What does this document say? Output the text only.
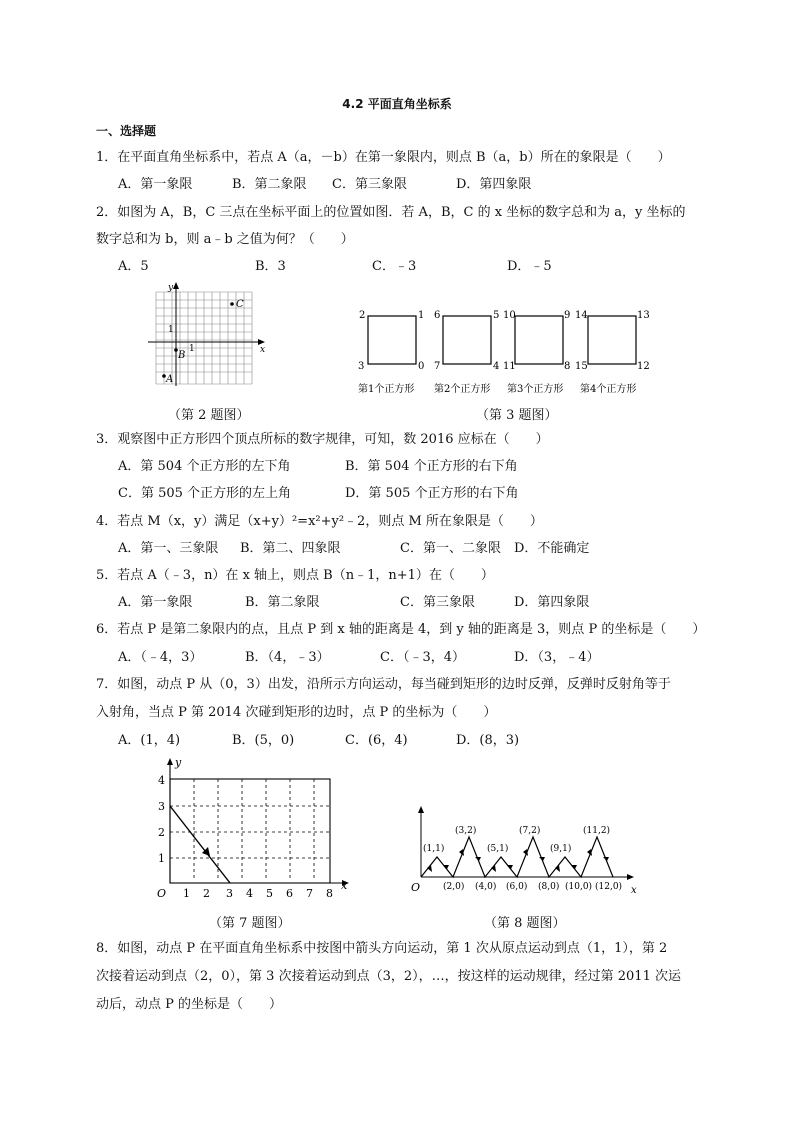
4.2 平面直角坐标系
一、选择题
1．在平面直角坐标系中，若点 A（a，－b）在第一象限内，则点 B（a，b）所在的象限是（　　）
A．第一象限	B．第二象限 C．第三象限	D．第四象限
2．如图为 A，B，C 三点在坐标平面上的位置如图．若 A，B，C 的 x 坐标的数字总和为 a，y 坐标的
数字总和为 b，则 a﹣b 之值为何？（　　）
A．5	B．3	C．﹣3	D．﹣5
y
x
1
1
C
B
A
（第 2 题图）
2	1
3	0
6	5
7	4
10	9
11	8
14	13
15	12
第1个正方形 第2个正方形 第3个正方形 第4个正方形
（第 3 题图）
3．观察图中正方形四个顶点所标的数字规律，可知，数 2016 应标在（　　）
A．第 504 个正方形的左下角	B．第 504 个正方形的右下角
C．第 505 个正方形的左上角	D．第 505 个正方形的右下角
4．若点 M（x，y）满足（x+y）²=x²+y²﹣2，则点 M 所在象限是（　　）
A．第一、三象限 B．第二、四象限	C．第一、二象限 D．不能确定
5．若点 A（﹣3，n）在 x 轴上，则点 B（n﹣1，n+1）在（　　）
A．第一象限	B．第二象限	C．第三象限	D．第四象限
6．若点 P 是第二象限内的点，且点 P 到 x 轴的距离是 4，到 y 轴的距离是 3，则点 P 的坐标是（　　）
A．（﹣4，3）	B．（4，﹣3）	C．（﹣3，4）	D．（3，﹣4）
7．如图，动点 P 从（0，3）出发，沿所示方向运动，每当碰到矩形的边时反弹，反弹时反射角等于
入射角，当点 P 第 2014 次碰到矩形的边时，点 P 的坐标为（　　）
A．(1，4)	B．(5，0)	C．(6，4)	D．(8，3)
y
x
O 1 2 3 4 5 6 7 8
1
2
3
4
（第 7 题图）
(1,1)
(2,0)
(3,2)
(4,0)
(5,1)
(6,0)
(7,2)
(8,0)
(9,1)
(10,0)
(11,2)
(12,0)
O	x
（第 8 题图）
8．如图，动点 P 在平面直角坐标系中按图中箭头方向运动，第 1 次从原点运动到点（1，1），第 2
次接着运动到点（2，0），第 3 次接着运动到点（3，2），…，按这样的运动规律，经过第 2011 次运
动后，动点 P 的坐标是（　　）
